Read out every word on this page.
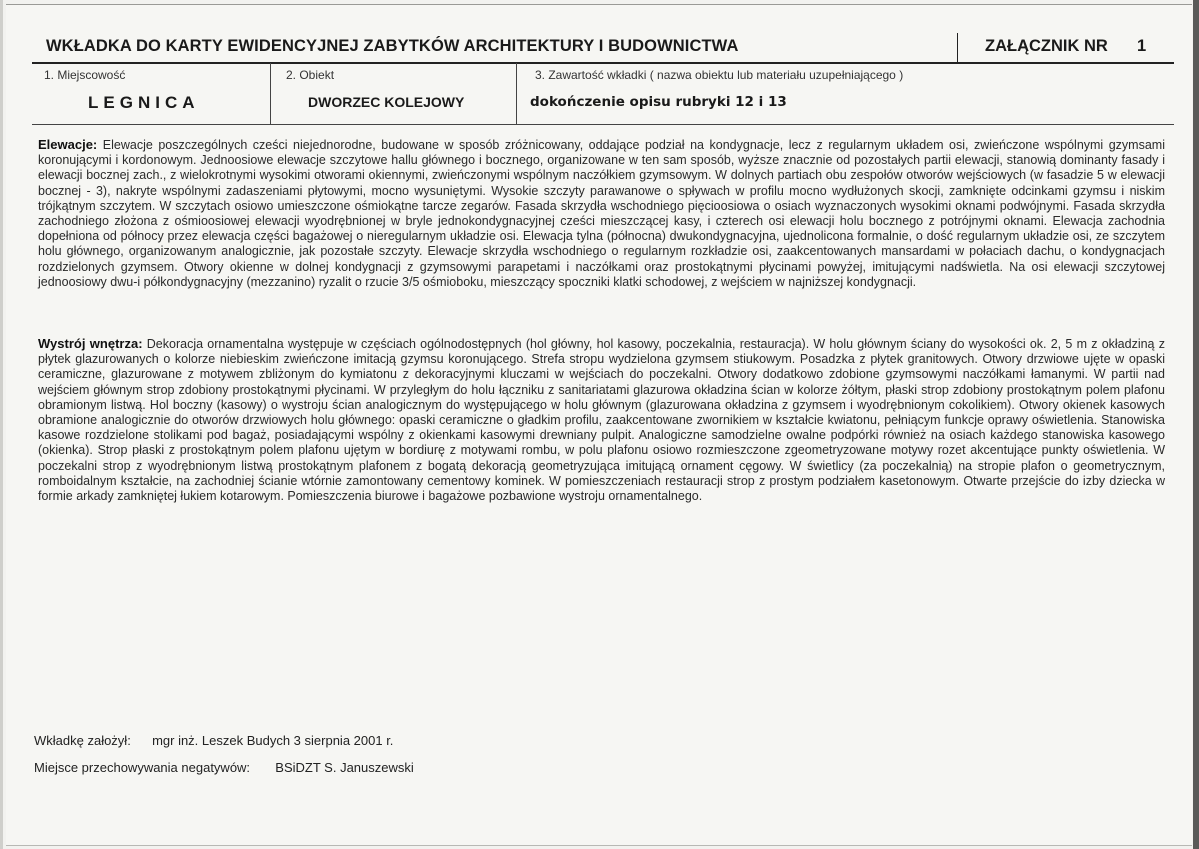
WKŁADKA DO KARTY EWIDENCYJNEJ ZABYTKÓW ARCHITEKTURY I BUDOWNICTWA	ZAŁĄCZNIK NR 1
1. Miejscowość	2. Obiekt	3. Zawartość wkładki ( nazwa obiektu lub materiału uzupełniającego )
LEGNICA	DWORZEC KOLEJOWY	dokończenie opisu rubryki 12 i 13
Elewacje: Elewacje poszczególnych cześci niejednorodne, budowane w sposób zróżnicowany, oddające podział na kondygnacje, lecz z regularnym układem osi, zwieńczone wspólnymi gzymsami koronującymi i kordonowym. Jednoosiowe elewacje szczytowe hallu głównego i bocznego, organizowane w ten sam sposób, wyższe znacznie od pozostałych partii elewacji, stanowią dominanty fasady i elewacji bocznej zach., z wielokrotnymi wysokimi otworami okiennymi, zwieńczonymi wspólnym naczółkiem gzymsowym. W dolnych partiach obu zespołów otworów wejściowych (w fasadzie 5 w elewacji bocznej - 3), nakryte wspólnymi zadaszeniami płytowymi, mocno wysuniętymi. Wysokie szczyty parawanowe o spływach w profilu mocno wydłużonych skocji, zamknięte odcinkami gzymsu i niskim trójkątnym szczytem. W szczytach osiowo umieszczone ośmiokątne tarcze zegarów. Fasada skrzydła wschodniego pięcioosiowa o osiach wyznaczonych wysokimi oknami podwójnymi. Fasada skrzydła zachodniego złożona z ośmioosiowej elewacji wyodrębnionej w bryle jednokondygnacyjnej cześci mieszczącej kasy, i czterech osi elewacji holu bocznego z potrójnymi oknami. Elewacja zachodnia dopełniona od północy przez elewacja części bagażowej o nieregularnym układzie osi. Elewacja tylna (północna) dwukondygnacyjna, ujednolicona formalnie, o dość regularnym układzie osi, ze szczytem holu głównego, organizowanym analogicznie, jak pozostałe szczyty. Elewacje skrzydła wschodniego o regularnym rozkładzie osi, zaakcentowanych mansardami w połaciach dachu, o kondygnacjach rozdzielonych gzymsem. Otwory okienne w dolnej kondygnacji z gzymsowymi parapetami i naczółkami oraz prostokątnymi płycinami powyżej, imitującymi nadświetla. Na osi elewacji szczytowej jednoosiowy dwu-i półkondygnacyjny (mezzanino) ryzalit o rzucie 3/5 ośmioboku, mieszczący spoczniki klatki schodowej, z wejściem w najniższej kondygnacji.
Wystrój wnętrza: Dekoracja ornamentalna występuje w częściach ogólnodostępnych (hol główny, hol kasowy, poczekalnia, restauracja). W holu głównym ściany do wysokości ok. 2, 5 m z okładziną z płytek glazurowanych o kolorze niebieskim zwieńczone imitacją gzymsu koronującego. Strefa stropu wydzielona gzymsem stiukowym. Posadzka z płytek granitowych. Otwory drzwiowe ujęte w opaski ceramiczne, glazurowane z motywem zbliżonym do kymiatonu z dekoracyjnymi kluczami w wejściach do poczekalni. Otwory dodatkowo zdobione gzymsowymi naczółkami łamanymi. W partii nad wejściem głównym strop zdobiony prostokątnymi płycinami. W przyległym do holu łączniku z sanitariatami glazurowa okładzina ścian w kolorze żółtym, płaski strop zdobiony prostokątnym polem plafonu obramionym listwą. Hol boczny (kasowy) o wystroju ścian analogicznym do występującego w holu głównym (glazurowana okładzina z gzymsem i wyodrębnionym cokolikiem). Otwory okienek kasowych obramione analogicznie do otworów drzwiowych holu głównego: opaski ceramiczne o gładkim profilu, zaakcentowane zwornikiem w kształcie kwiatonu, pełniącym funkcje oprawy oświetlenia. Stanowiska kasowe rozdzielone stolikami pod bagaż, posiadającymi wspólny z okienkami kasowymi drewniany pulpit. Analogiczne samodzielne owalne podpórki również na osiach każdego stanowiska kasowego (okienka). Strop płaski z prostokątnym polem plafonu ujętym w bordiurę z motywami rombu, w polu plafonu osiowo rozmieszczone zgeometryzowane motywy rozet akcentujące punkty oświetlenia. W poczekalni strop z wyodrębnionym listwą prostokątnym plafonem z bogatą dekoracją geometryzująca imitującą ornament cęgowy. W świetlicy (za poczekalnią) na stropie plafon o geometrycznym, romboidalnym kształcie, na zachodniej ścianie wtórnie zamontowany cementowy kominek. W pomieszczeniach restauracji strop z prostym podziałem kasetonowym. Otwarte przejście do izby dziecka w formie arkady zamkniętej łukiem kotarowym. Pomieszczenia biurowe i bagażowe pozbawione wystroju ornamentalnego.
Wkładkę założył: mgr inż. Leszek Budych 3 sierpnia 2001 r.
Miejsce przechowywania negatywów: BSiDZT S. Januszewski
